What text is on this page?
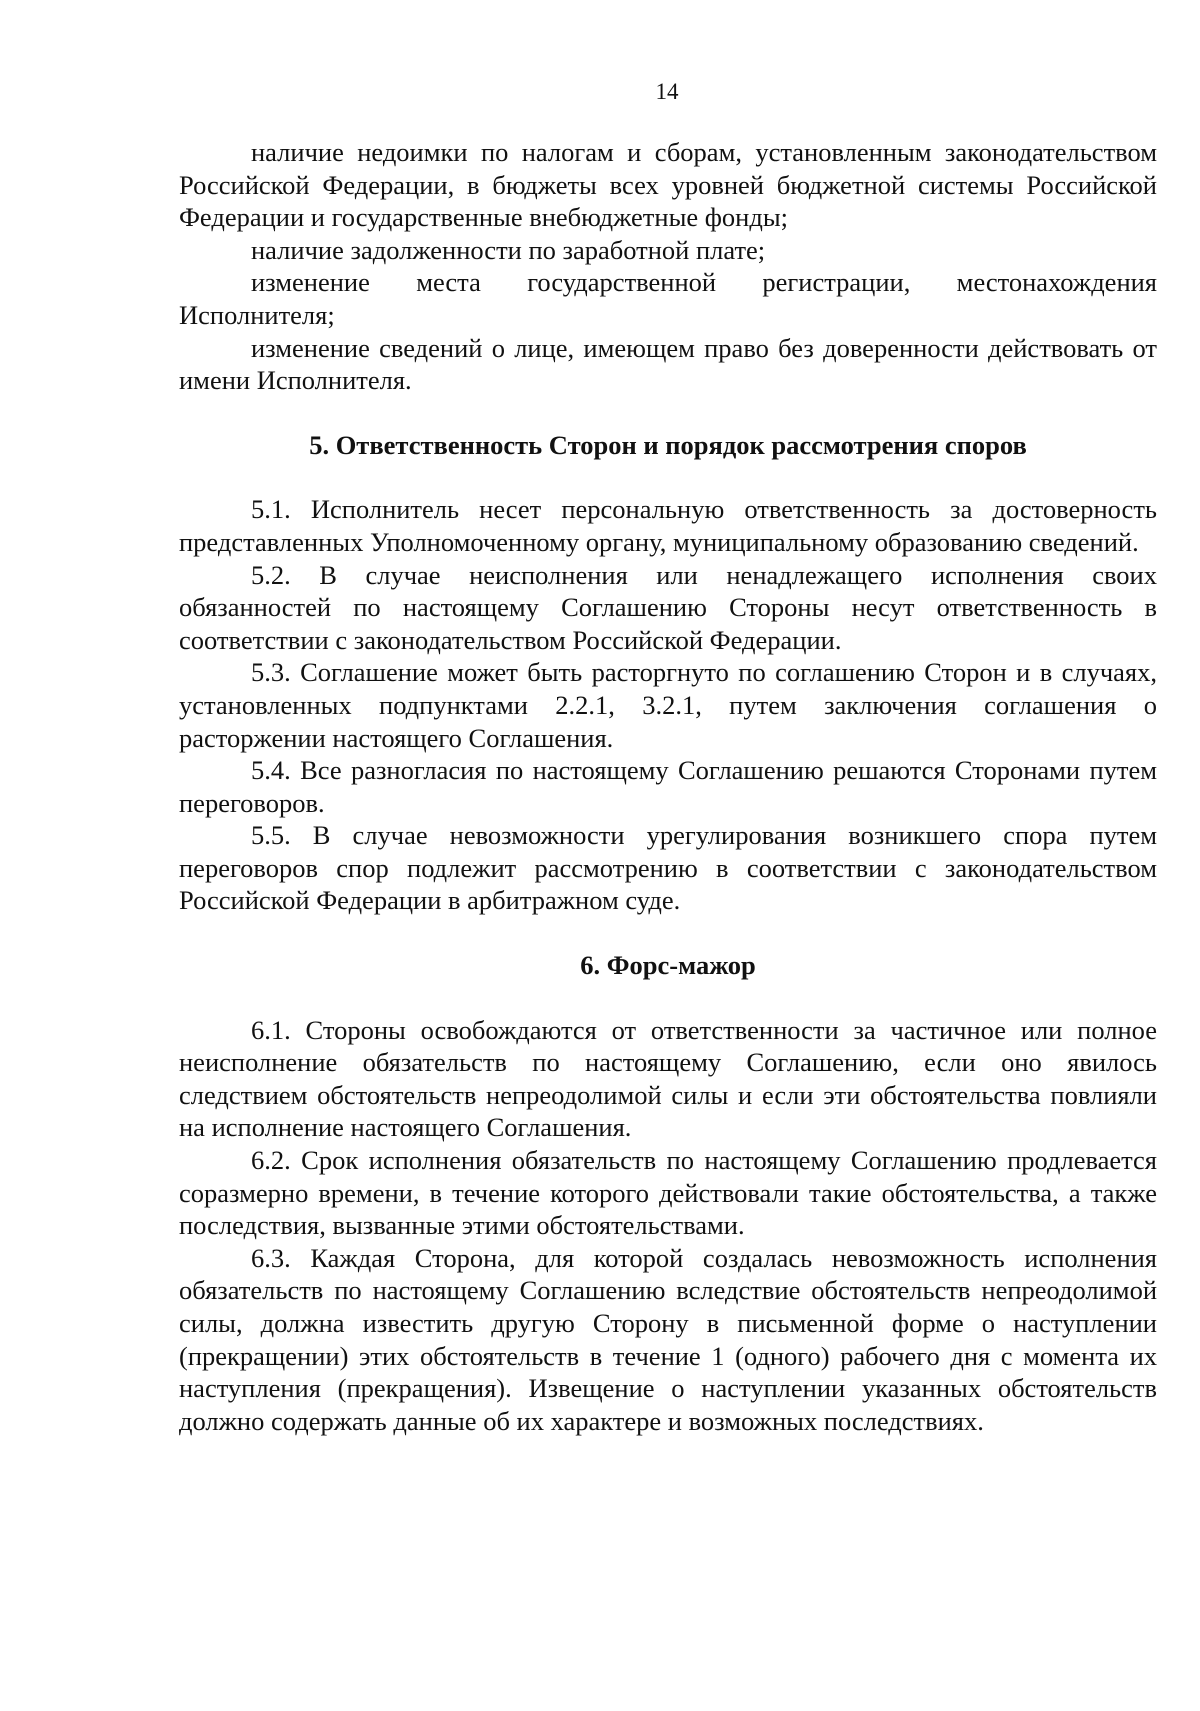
14

наличие недоимки по налогам и сборам, установленным законодательством Российской Федерации, в бюджеты всех уровней бюджетной системы Российской Федерации и государственные внебюджетные фонды;

наличие задолженности по заработной плате;

изменение места государственной регистрации, местонахождения Исполнителя;

изменение сведений о лице, имеющем право без доверенности действовать от имени Исполнителя.

5. Ответственность Сторон и порядок рассмотрения споров

5.1. Исполнитель несет персональную ответственность за достоверность представленных Уполномоченному органу, муниципальному образованию сведений.

5.2. В случае неисполнения или ненадлежащего исполнения своих обязанностей по настоящему Соглашению Стороны несут ответственность в соответствии с законодательством Российской Федерации.

5.3. Соглашение может быть расторгнуто по соглашению Сторон и в случаях, установленных подпунктами 2.2.1, 3.2.1, путем заключения соглашения о расторжении настоящего Соглашения.

5.4. Все разногласия по настоящему Соглашению решаются Сторонами путем переговоров.

5.5. В случае невозможности урегулирования возникшего спора путем переговоров спор подлежит рассмотрению в соответствии с законодательством Российской Федерации в арбитражном суде.

6. Форс-мажор

6.1. Стороны освобождаются от ответственности за частичное или полное неисполнение обязательств по настоящему Соглашению, если оно явилось следствием обстоятельств непреодолимой силы и если эти обстоятельства повлияли на исполнение настоящего Соглашения.

6.2. Срок исполнения обязательств по настоящему Соглашению продлевается соразмерно времени, в течение которого действовали такие обстоятельства, а также последствия, вызванные этими обстоятельствами.

6.3. Каждая Сторона, для которой создалась невозможность исполнения обязательств по настоящему Соглашению вследствие обстоятельств непреодолимой силы, должна известить другую Сторону в письменной форме о наступлении (прекращении) этих обстоятельств в течение 1 (одного) рабочего дня с момента их наступления (прекращения). Извещение о наступлении указанных обстоятельств должно содержать данные об их характере и возможных последствиях.
